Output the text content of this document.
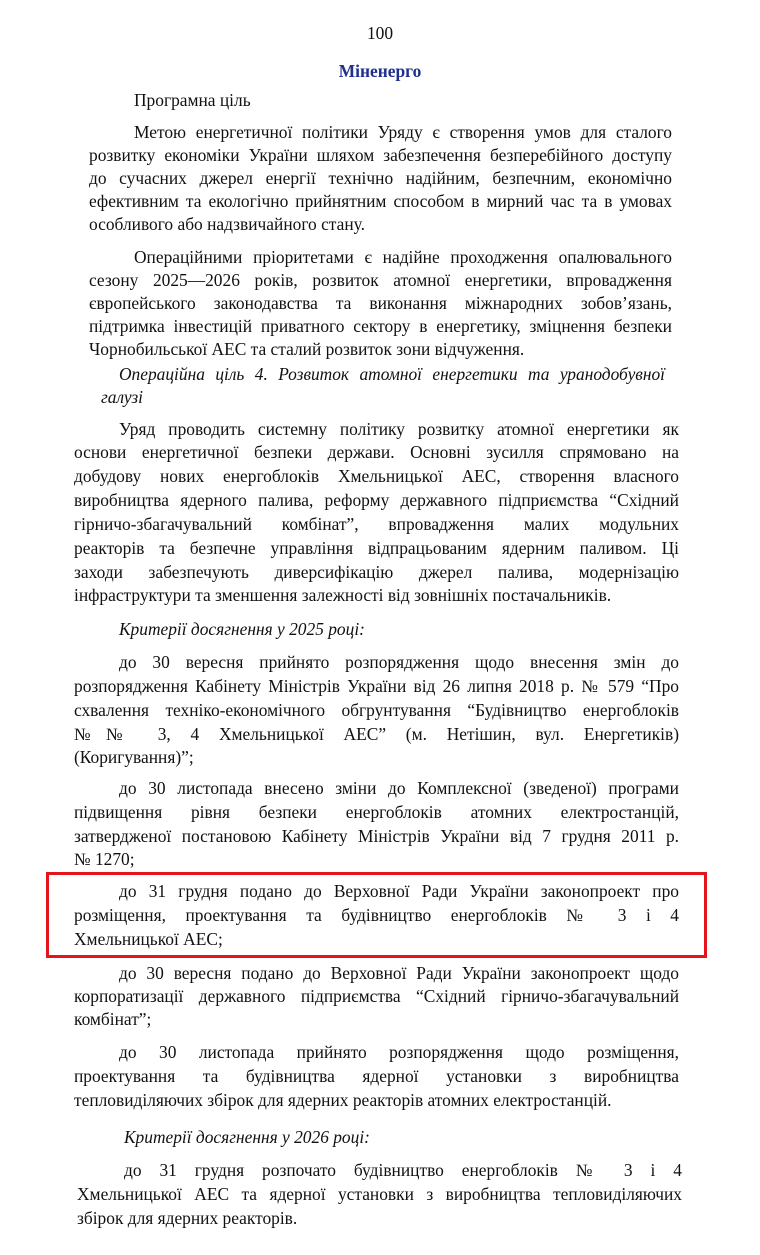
100
Міненерго
Програмна ціль
Метою енергетичної політики Уряду є створення умов для сталого
розвитку економіки України шляхом забезпечення безперебійного доступу
до сучасних джерел енергії технічно надійним, безпечним, економічно
ефективним та екологічно прийнятним способом в мирний час та в умовах
особливого або надзвичайного стану.
Операційними пріоритетами є надійне проходження опалювального
сезону 2025—2026 років, розвиток атомної енергетики, впровадження
європейського законодавства та виконання міжнародних зобов’язань,
підтримка інвестицій приватного сектору в енергетику, зміцнення безпеки
Чорнобильської АЕС та сталий розвиток зони відчуження.
Операційна ціль 4. Розвиток атомної енергетики та уранодобувної
галузі
Уряд проводить системну політику розвитку атомної енергетики як
основи енергетичної безпеки держави. Основні зусилля спрямовано на
добудову нових енергоблоків Хмельницької АЕС, створення власного
виробництва ядерного палива, реформу державного підприємства “Східний
гірничо-збагачувальний комбінат”, впровадження малих модульних
реакторів та безпечне управління відпрацьованим ядерним паливом. Ці
заходи забезпечують диверсифікацію джерел палива, модернізацію
інфраструктури та зменшення залежності від зовнішніх постачальників.
Критерії досягнення у 2025 році:
до 30 вересня прийнято розпорядження щодо внесення змін до
розпорядження Кабінету Міністрів України від 26 липня 2018 р. № 579 “Про
схвалення техніко-економічного обгрунтування “Будівництво енергоблоків
№№ 3, 4 Хмельницької АЕС” (м. Нетішин, вул. Енергетиків)
(Коригування)”;
до 30 листопада внесено зміни до Комплексної (зведеної) програми
підвищення рівня безпеки енергоблоків атомних електростанцій,
затвердженої постановою Кабінету Міністрів України від 7 грудня 2011 р.
№ 1270;
до 31 грудня подано до Верховної Ради України законопроект про
розміщення, проектування та будівництво енергоблоків № 3 і 4
Хмельницької АЕС;
до 30 вересня подано до Верховної Ради України законопроект щодо
корпоратизації державного підприємства “Східний гірничо-збагачувальний
комбінат”;
до 30 листопада прийнято розпорядження щодо розміщення,
проектування та будівництва ядерної установки з виробництва
тепловиділяючих збірок для ядерних реакторів атомних електростанцій.
Критерії досягнення у 2026 році:
до 31 грудня розпочато будівництво енергоблоків № 3 і 4
Хмельницької АЕС та ядерної установки з виробництва тепловиділяючих
збірок для ядерних реакторів.
